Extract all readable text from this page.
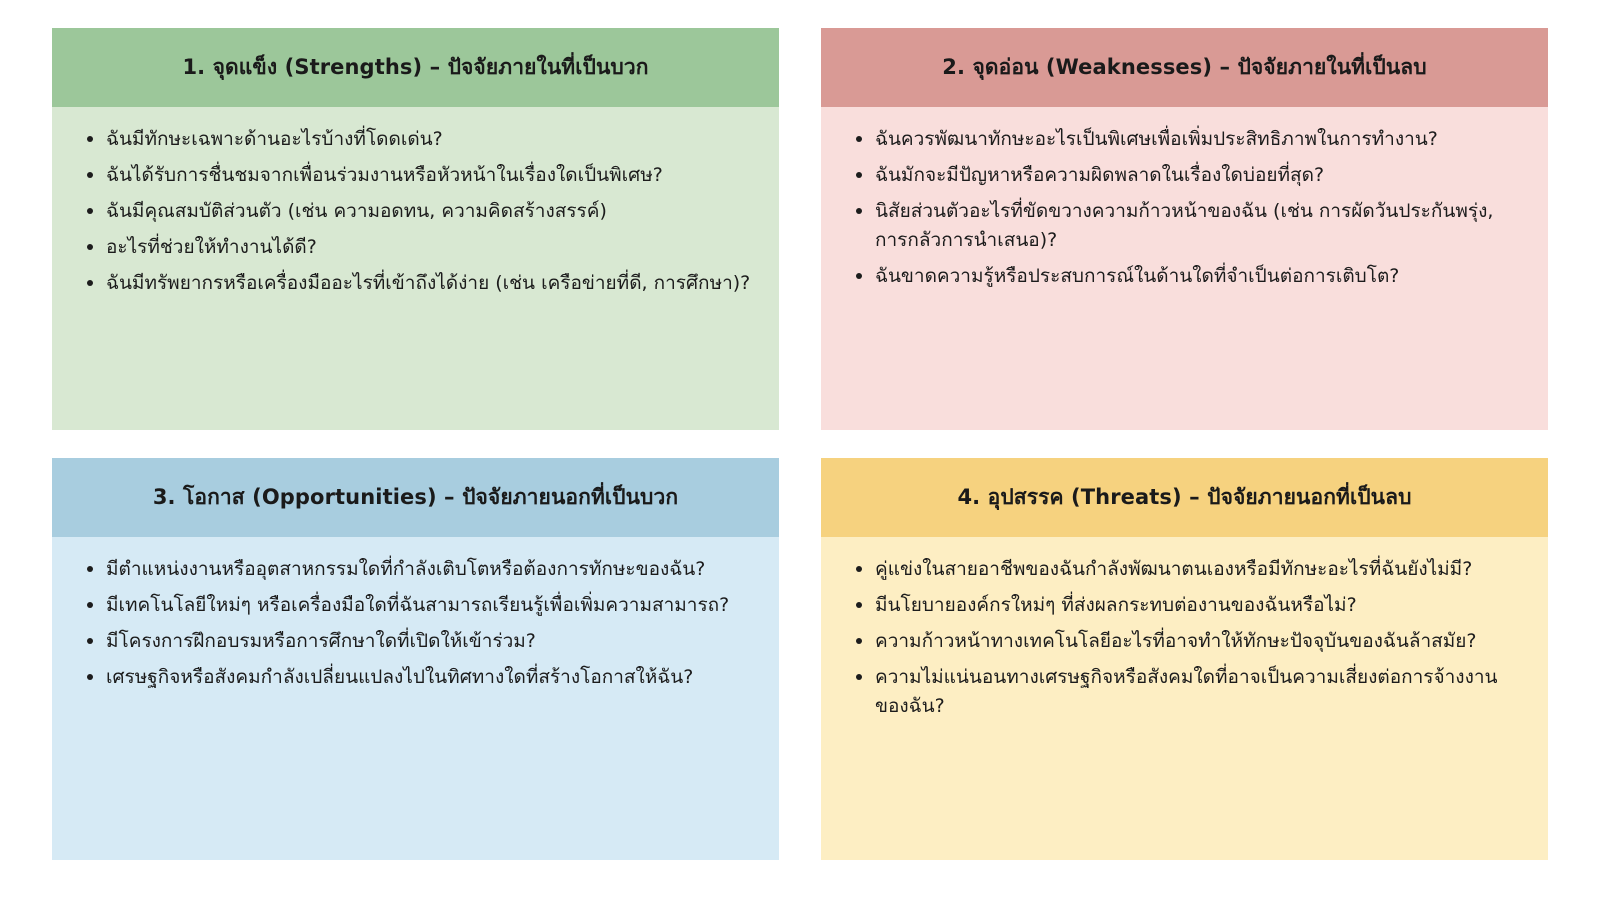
1. จุดแข็ง (Strengths) – ปัจจัยภายในที่เป็นบวก
ฉันมีทักษะเฉพาะด้านอะไรบ้างที่โดดเด่น?
ฉันได้รับการชื่นชมจากเพื่อนร่วมงานหรือหัวหน้าในเรื่องใดเป็นพิเศษ?
ฉันมีคุณสมบัติส่วนตัว (เช่น ความอดทน, ความคิดสร้างสรรค์)
อะไรที่ช่วยให้ทำงานได้ดี?
ฉันมีทรัพยากรหรือเครื่องมืออะไรที่เข้าถึงได้ง่าย (เช่น เครือข่ายที่ดี, การศึกษา)?
2. จุดอ่อน (Weaknesses) – ปัจจัยภายในที่เป็นลบ
ฉันควรพัฒนาทักษะอะไรเป็นพิเศษเพื่อเพิ่มประสิทธิภาพในการทำงาน?
ฉันมักจะมีปัญหาหรือความผิดพลาดในเรื่องใดบ่อยที่สุด?
นิสัยส่วนตัวอะไรที่ขัดขวางความก้าวหน้าของฉัน (เช่น การผัดวันประกันพรุ่ง, การกลัวการนำเสนอ)?
ฉันขาดความรู้หรือประสบการณ์ในด้านใดที่จำเป็นต่อการเติบโต?
3. โอกาส (Opportunities) – ปัจจัยภายนอกที่เป็นบวก
มีตำแหน่งงานหรืออุตสาหกรรมใดที่กำลังเติบโตหรือต้องการทักษะของฉัน?
มีเทคโนโลยีใหม่ๆ หรือเครื่องมือใดที่ฉันสามารถเรียนรู้เพื่อเพิ่มความสามารถ?
มีโครงการฝึกอบรมหรือการศึกษาใดที่เปิดให้เข้าร่วม?
เศรษฐกิจหรือสังคมกำลังเปลี่ยนแปลงไปในทิศทางใดที่สร้างโอกาสให้ฉัน?
4. อุปสรรค (Threats) – ปัจจัยภายนอกที่เป็นลบ
คู่แข่งในสายอาชีพของฉันกำลังพัฒนาตนเองหรือมีทักษะอะไรที่ฉันยังไม่มี?
มีนโยบายองค์กรใหม่ๆ ที่ส่งผลกระทบต่องานของฉันหรือไม่?
ความก้าวหน้าทางเทคโนโลยีอะไรที่อาจทำให้ทักษะปัจจุบันของฉันล้าสมัย?
ความไม่แน่นอนทางเศรษฐกิจหรือสังคมใดที่อาจเป็นความเสี่ยงต่อการจ้างงานของฉัน?
